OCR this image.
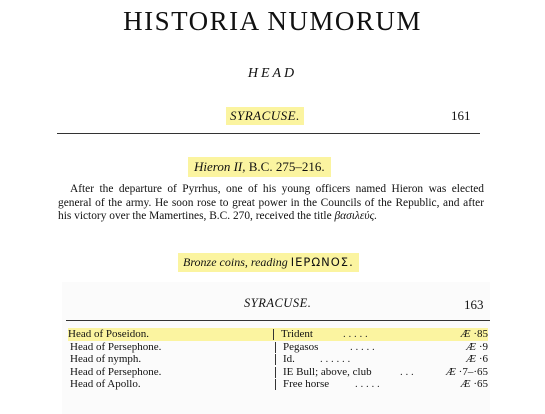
HISTORIA NUMORUM
HEAD
SYRACUSE.	161
Hieron II, B.C. 275–216.

After the departure of Pyrrhus, one of his young officers named Hieron was elected general of the army. He soon rose to great power in the Councils of the Republic, and after his victory over the Mamertines, B.C. 270, received the title βασιλεύς.

Bronze coins, reading ΙΕΡΩΝΟΣ.
SYRACUSE.	163
Head of Poseidon.	Trident	. . . . .	Æ ·85
Head of Persephone.	Pegasos	. . . . .	Æ ·9
Head of nymph.	Id. . . . . . .	Æ ·6
Head of Persephone.	ΙΕ Bull; above, club	. . .	Æ ·7–·65
Head of Apollo.	Free horse . . . . .	Æ ·65
